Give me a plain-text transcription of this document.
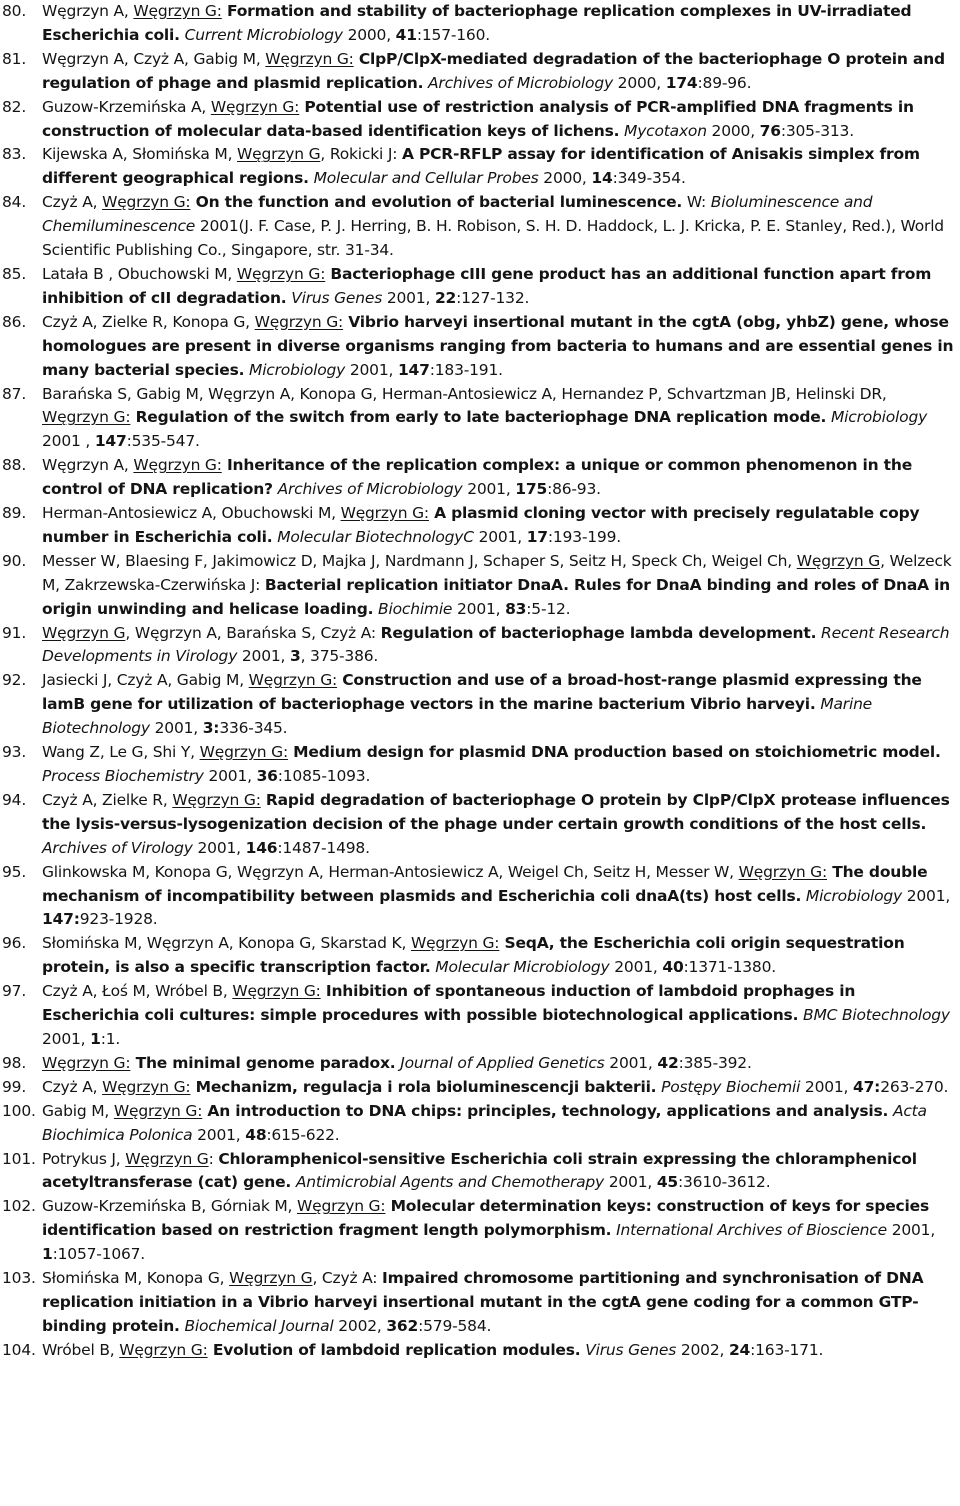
80.	Węgrzyn A, Węgrzyn G: Formation and stability of bacteriophage replication complexes in UV-irradiated Escherichia coli. Current Microbiology 2000, 41:157-160.
81.	Węgrzyn A, Czyż A, Gabig M, Węgrzyn G: ClpP/ClpX-mediated degradation of the bacteriophage O protein and regulation of phage and plasmid replication. Archives of Microbiology 2000, 174:89-96.
82.	Guzow-Krzemińska A, Węgrzyn G: Potential use of restriction analysis of PCR-amplified DNA fragments in construction of molecular data-based identification keys of lichens. Mycotaxon 2000, 76:305-313.
83.	Kijewska A, Słomińska M, Węgrzyn G, Rokicki J: A PCR-RFLP assay for identification of Anisakis simplex from different geographical regions. Molecular and Cellular Probes 2000, 14:349-354.
84.	Czyż A, Węgrzyn G: On the function and evolution of bacterial luminescence. W: Bioluminescence and Chemiluminescence 2001(J. F. Case, P. J. Herring, B. H. Robison, S. H. D. Haddock, L. J. Kricka, P. E. Stanley, Red.), World Scientific Publishing Co., Singapore, str. 31-34.
85.	Latała B , Obuchowski M, Węgrzyn G: Bacteriophage cIII gene product has an additional function apart from inhibition of cII degradation. Virus Genes 2001, 22:127-132.
86.	Czyż A, Zielke R, Konopa G, Węgrzyn G: Vibrio harveyi insertional mutant in the cgtA (obg, yhbZ) gene, whose homologues are present in diverse organisms ranging from bacteria to humans and are essential genes in many bacterial species. Microbiology 2001, 147:183-191.
87.	Barańska S, Gabig M, Węgrzyn A, Konopa G, Herman-Antosiewicz A, Hernandez P, Schvartzman JB, Helinski DR, Węgrzyn G: Regulation of the switch from early to late bacteriophage DNA replication mode. Microbiology 2001 , 147:535-547.
88.	Węgrzyn A, Węgrzyn G: Inheritance of the replication complex: a unique or common phenomenon in the control of DNA replication? Archives of Microbiology 2001, 175:86-93.
89.	Herman-Antosiewicz A, Obuchowski M, Węgrzyn G: A plasmid cloning vector with precisely regulatable copy number in Escherichia coli. Molecular BiotechnologyC 2001, 17:193-199.
90.	Messer W, Blaesing F, Jakimowicz D, Majka J, Nardmann J, Schaper S, Seitz H, Speck Ch, Weigel Ch, Węgrzyn G, Welzeck M, Zakrzewska-Czerwińska J: Bacterial replication initiator DnaA. Rules for DnaA binding and roles of DnaA in origin unwinding and helicase loading. Biochimie 2001, 83:5-12.
91.	Węgrzyn G, Węgrzyn A, Barańska S, Czyż A: Regulation of bacteriophage lambda development. Recent Research Developments in Virology 2001, 3, 375-386.
92.	Jasiecki J, Czyż A, Gabig M, Węgrzyn G: Construction and use of a broad-host-range plasmid expressing the lamB gene for utilization of bacteriophage vectors in the marine bacterium Vibrio harveyi. Marine Biotechnology 2001, 3:336-345.
93.	Wang Z, Le G, Shi Y, Węgrzyn G: Medium design for plasmid DNA production based on stoichiometric model. Process Biochemistry 2001, 36:1085-1093.
94.	Czyż A, Zielke R, Węgrzyn G: Rapid degradation of bacteriophage O protein by ClpP/ClpX protease influences the lysis-versus-lysogenization decision of the phage under certain growth conditions of the host cells. Archives of Virology 2001, 146:1487-1498.
95.	Glinkowska M, Konopa G, Węgrzyn A, Herman-Antosiewicz A, Weigel Ch, Seitz H, Messer W, Węgrzyn G: The double mechanism of incompatibility between plasmids and Escherichia coli dnaA(ts) host cells. Microbiology 2001, 147:923-1928.
96.	Słomińska M, Węgrzyn A, Konopa G, Skarstad K, Węgrzyn G: SeqA, the Escherichia coli origin sequestration protein, is also a specific transcription factor. Molecular Microbiology 2001, 40:1371-1380.
97.	Czyż A, Łoś M, Wróbel B, Węgrzyn G: Inhibition of spontaneous induction of lambdoid prophages in Escherichia coli cultures: simple procedures with possible biotechnological applications. BMC Biotechnology 2001, 1:1.
98.	Węgrzyn G: The minimal genome paradox. Journal of Applied Genetics 2001, 42:385-392.
99.	Czyż A, Węgrzyn G: Mechanizm, regulacja i rola bioluminescencji bakterii. Postępy Biochemii 2001, 47:263-270.
100. Gabig M, Węgrzyn G: An introduction to DNA chips: principles, technology, applications and analysis. Acta Biochimica Polonica 2001, 48:615-622.
101. Potrykus J, Węgrzyn G: Chloramphenicol-sensitive Escherichia coli strain expressing the chloramphenicol acetyltransferase (cat) gene. Antimicrobial Agents and Chemotherapy 2001, 45:3610-3612.
102. Guzow-Krzemińska B, Górniak M, Węgrzyn G: Molecular determination keys: construction of keys for species identification based on restriction fragment length polymorphism. International Archives of Bioscience 2001, 1:1057-1067.
103. Słomińska M, Konopa G, Węgrzyn G, Czyż A: Impaired chromosome partitioning and synchronisation of DNA replication initiation in a Vibrio harveyi insertional mutant in the cgtA gene coding for a common GTP-binding protein. Biochemical Journal 2002, 362:579-584.
104. Wróbel B, Węgrzyn G: Evolution of lambdoid replication modules. Virus Genes 2002, 24:163-171.
